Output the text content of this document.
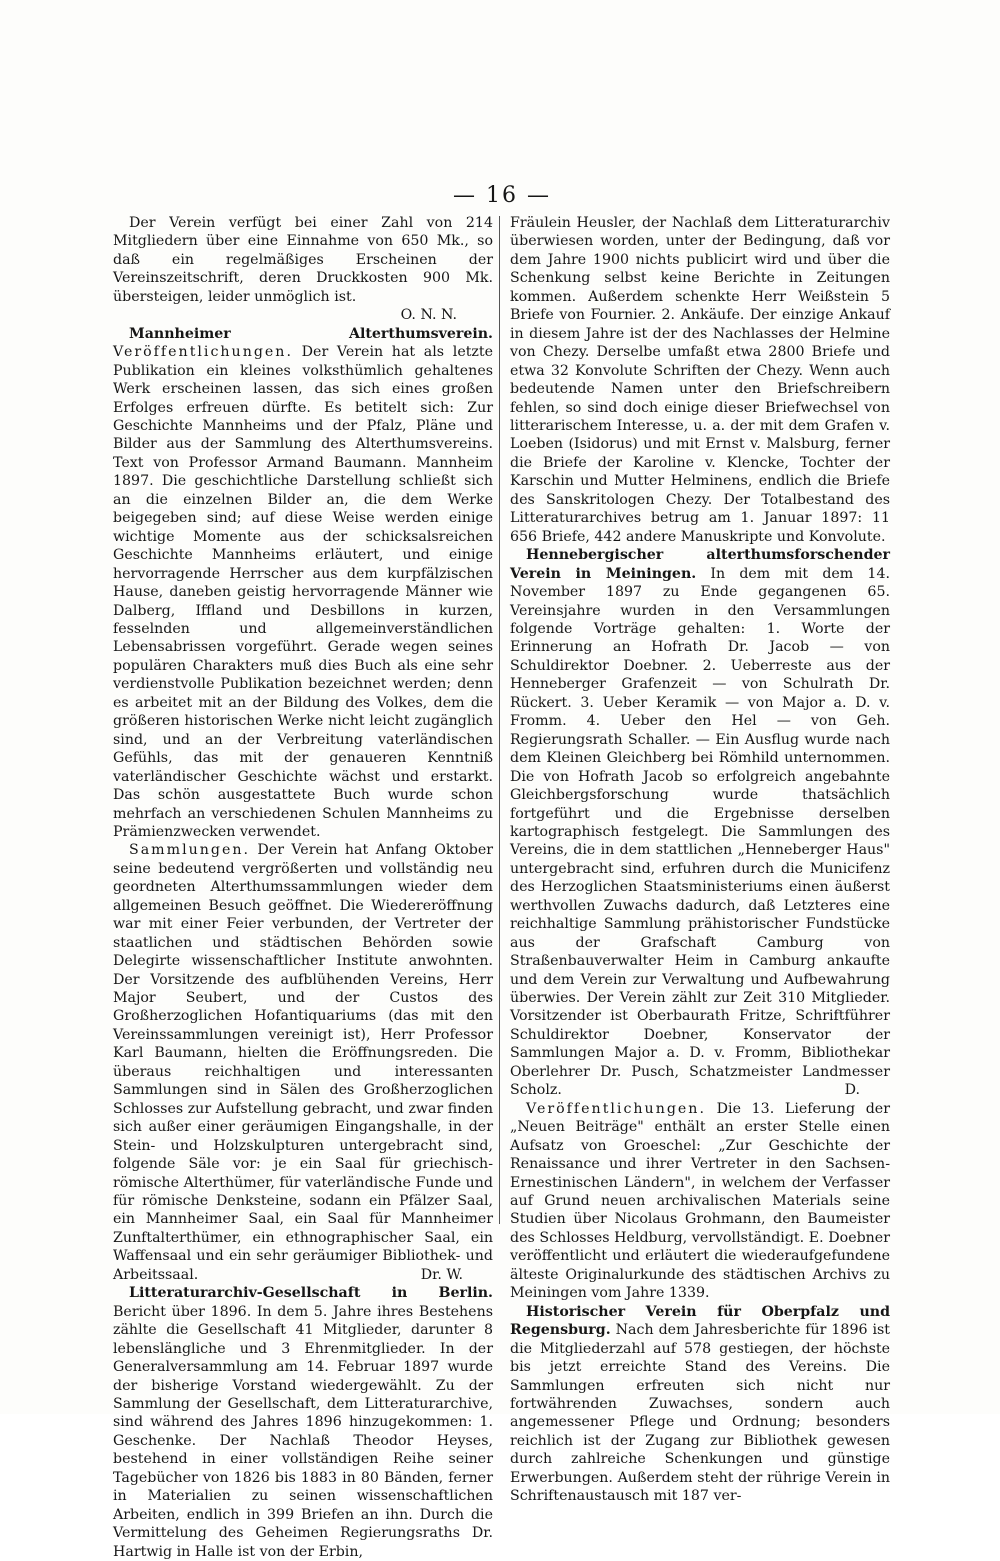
— 16 —

Der Verein verfügt bei einer Zahl von 214 Mitgliedern über eine Einnahme von 650 Mk., so daß ein regelmäßiges Erscheinen der Vereinszeitschrift, deren Druckkosten 900 Mk. übersteigen, leider unmöglich ist.

O. N. N.

Mannheimer Alterthumsverein. Veröffentlichungen. Der Verein hat als letzte Publikation ein kleines volksthümlich gehaltenes Werk erscheinen lassen, das sich eines großen Erfolges erfreuen dürfte. Es betitelt sich: Zur Geschichte Mannheims und der Pfalz, Pläne und Bilder aus der Sammlung des Alterthumsvereins. Text von Professor Armand Baumann. Mannheim 1897. Die geschichtliche Darstellung schließt sich an die einzelnen Bilder an, die dem Werke beigegeben sind; auf diese Weise werden einige wichtige Momente aus der schicksalsreichen Geschichte Mannheims erläutert, und einige hervorragende Herrscher aus dem kurpfälzischen Hause, daneben geistig hervorragende Männer wie Dalberg, Iffland und Desbillons in kurzen, fesselnden und allgemeinverständlichen Lebensabrissen vorgeführt. Gerade wegen seines populären Charakters muß dies Buch als eine sehr verdienstvolle Publikation bezeichnet werden; denn es arbeitet mit an der Bildung des Volkes, dem die größeren historischen Werke nicht leicht zugänglich sind, und an der Verbreitung vaterländischen Gefühls, das mit der genaueren Kenntniß vaterländischer Geschichte wächst und erstarkt. Das schön ausgestattete Buch wurde schon mehrfach an verschiedenen Schulen Mannheims zu Prämienzwecken verwendet.

Sammlungen. Der Verein hat Anfang Oktober seine bedeutend vergrößerten und vollständig neu geordneten Alterthumssammlungen wieder dem allgemeinen Besuch geöffnet. Die Wiedereröffnung war mit einer Feier verbunden, der Vertreter der staatlichen und städtischen Behörden sowie Delegirte wissenschaftlicher Institute anwohnten. Der Vorsitzende des aufblühenden Vereins, Herr Major Seubert, und der Custos des Großherzoglichen Hofantiquariums (das mit den Vereinssammlungen vereinigt ist), Herr Professor Karl Baumann, hielten die Eröffnungsreden. Die überaus reichhaltigen und interessanten Sammlungen sind in Sälen des Großherzoglichen Schlosses zur Aufstellung gebracht, und zwar finden sich außer einer geräumigen Eingangshalle, in der Stein- und Holzskulpturen untergebracht sind, folgende Säle vor: je ein Saal für griechisch-römische Alterthümer, für vaterländische Funde und für römische Denksteine, sodann ein Pfälzer Saal, ein Mannheimer Saal, ein Saal für Mannheimer Zunftalterthümer, ein ethnographischer Saal, ein Waffensaal und ein sehr geräumiger Bibliothek- und Arbeitssaal.	Dr. W.

Litteraturarchiv-Gesellschaft in Berlin. Bericht über 1896. In dem 5. Jahre ihres Bestehens zählte die Gesellschaft 41 Mitglieder, darunter 8 lebenslängliche und 3 Ehrenmitglieder. In der Generalversammlung am 14. Februar 1897 wurde der bisherige Vorstand wiedergewählt. Zu der Sammlung der Gesellschaft, dem Litteraturarchive, sind während des Jahres 1896 hinzugekommen: 1. Geschenke. Der Nachlaß Theodor Heyses, bestehend in einer vollständigen Reihe seiner Tagebücher von 1826 bis 1883 in 80 Bänden, ferner in Materialien zu seinen wissenschaftlichen Arbeiten, endlich in 399 Briefen an ihn. Durch die Vermittelung des Geheimen Regierungsraths Dr. Hartwig in Halle ist von der Erbin,

Fräulein Heusler, der Nachlaß dem Litteraturarchiv überwiesen worden, unter der Bedingung, daß vor dem Jahre 1900 nichts publicirt wird und über die Schenkung selbst keine Berichte in Zeitungen kommen. Außerdem schenkte Herr Weißstein 5 Briefe von Fournier. 2. Ankäufe. Der einzige Ankauf in diesem Jahre ist der des Nachlasses der Helmine von Chezy. Derselbe umfaßt etwa 2800 Briefe und etwa 32 Konvolute Schriften der Chezy. Wenn auch bedeutende Namen unter den Briefschreibern fehlen, so sind doch einige dieser Briefwechsel von litterarischem Interesse, u. a. der mit dem Grafen v. Loeben (Isidorus) und mit Ernst v. Malsburg, ferner die Briefe der Karoline v. Klencke, Tochter der Karschin und Mutter Helminens, endlich die Briefe des Sanskritologen Chezy. Der Totalbestand des Litteraturarchives betrug am 1. Januar 1897: 11 656 Briefe, 442 andere Manuskripte und Konvolute.

Hennebergischer alterthumsforschender Verein in Meiningen. In dem mit dem 14. November 1897 zu Ende gegangenen 65. Vereinsjahre wurden in den Versammlungen folgende Vorträge gehalten: 1. Worte der Erinnerung an Hofrath Dr. Jacob — von Schuldirektor Doebner. 2. Ueberreste aus der Henneberger Grafenzeit — von Schulrath Dr. Rückert. 3. Ueber Keramik — von Major a. D. v. Fromm. 4. Ueber den Hel — von Geh. Regierungsrath Schaller. — Ein Ausflug wurde nach dem Kleinen Gleichberg bei Römhild unternommen. Die von Hofrath Jacob so erfolgreich angebahnte Gleichbergsforschung wurde thatsächlich fortgeführt und die Ergebnisse derselben kartographisch festgelegt. Die Sammlungen des Vereins, die in dem stattlichen „Henneberger Haus" untergebracht sind, erfuhren durch die Municifenz des Herzoglichen Staatsministeriums einen äußerst werthvollen Zuwachs dadurch, daß Letzteres eine reichhaltige Sammlung prähistorischer Fundstücke aus der Grafschaft Camburg von Straßenbauverwalter Heim in Camburg ankaufte und dem Verein zur Verwaltung und Aufbewahrung überwies. Der Verein zählt zur Zeit 310 Mitglieder. Vorsitzender ist Oberbaurath Fritze, Schriftführer Schuldirektor Doebner, Konservator der Sammlungen Major a. D. v. Fromm, Bibliothekar Oberlehrer Dr. Pusch, Schatzmeister Landmesser Scholz.	D.

Veröffentlichungen. Die 13. Lieferung der „Neuen Beiträge" enthält an erster Stelle einen Aufsatz von Groeschel: „Zur Geschichte der Renaissance und ihrer Vertreter in den Sachsen-Ernestinischen Ländern", in welchem der Verfasser auf Grund neuen archivalischen Materials seine Studien über Nicolaus Grohmann, den Baumeister des Schlosses Heldburg, vervollständigt. E. Doebner veröffentlicht und erläutert die wiederaufgefundene älteste Originalurkunde des städtischen Archivs zu Meiningen vom Jahre 1339.

Historischer Verein für Oberpfalz und Regensburg. Nach dem Jahresberichte für 1896 ist die Mitgliederzahl auf 578 gestiegen, der höchste bis jetzt erreichte Stand des Vereins. Die Sammlungen erfreuten sich nicht nur fortwährenden Zuwachses, sondern auch angemessener Pflege und Ordnung; besonders reichlich ist der Zugang zur Bibliothek gewesen durch zahlreiche Schenkungen und günstige Erwerbungen. Außerdem steht der rührige Verein in Schriftenaustausch mit 187 ver-
